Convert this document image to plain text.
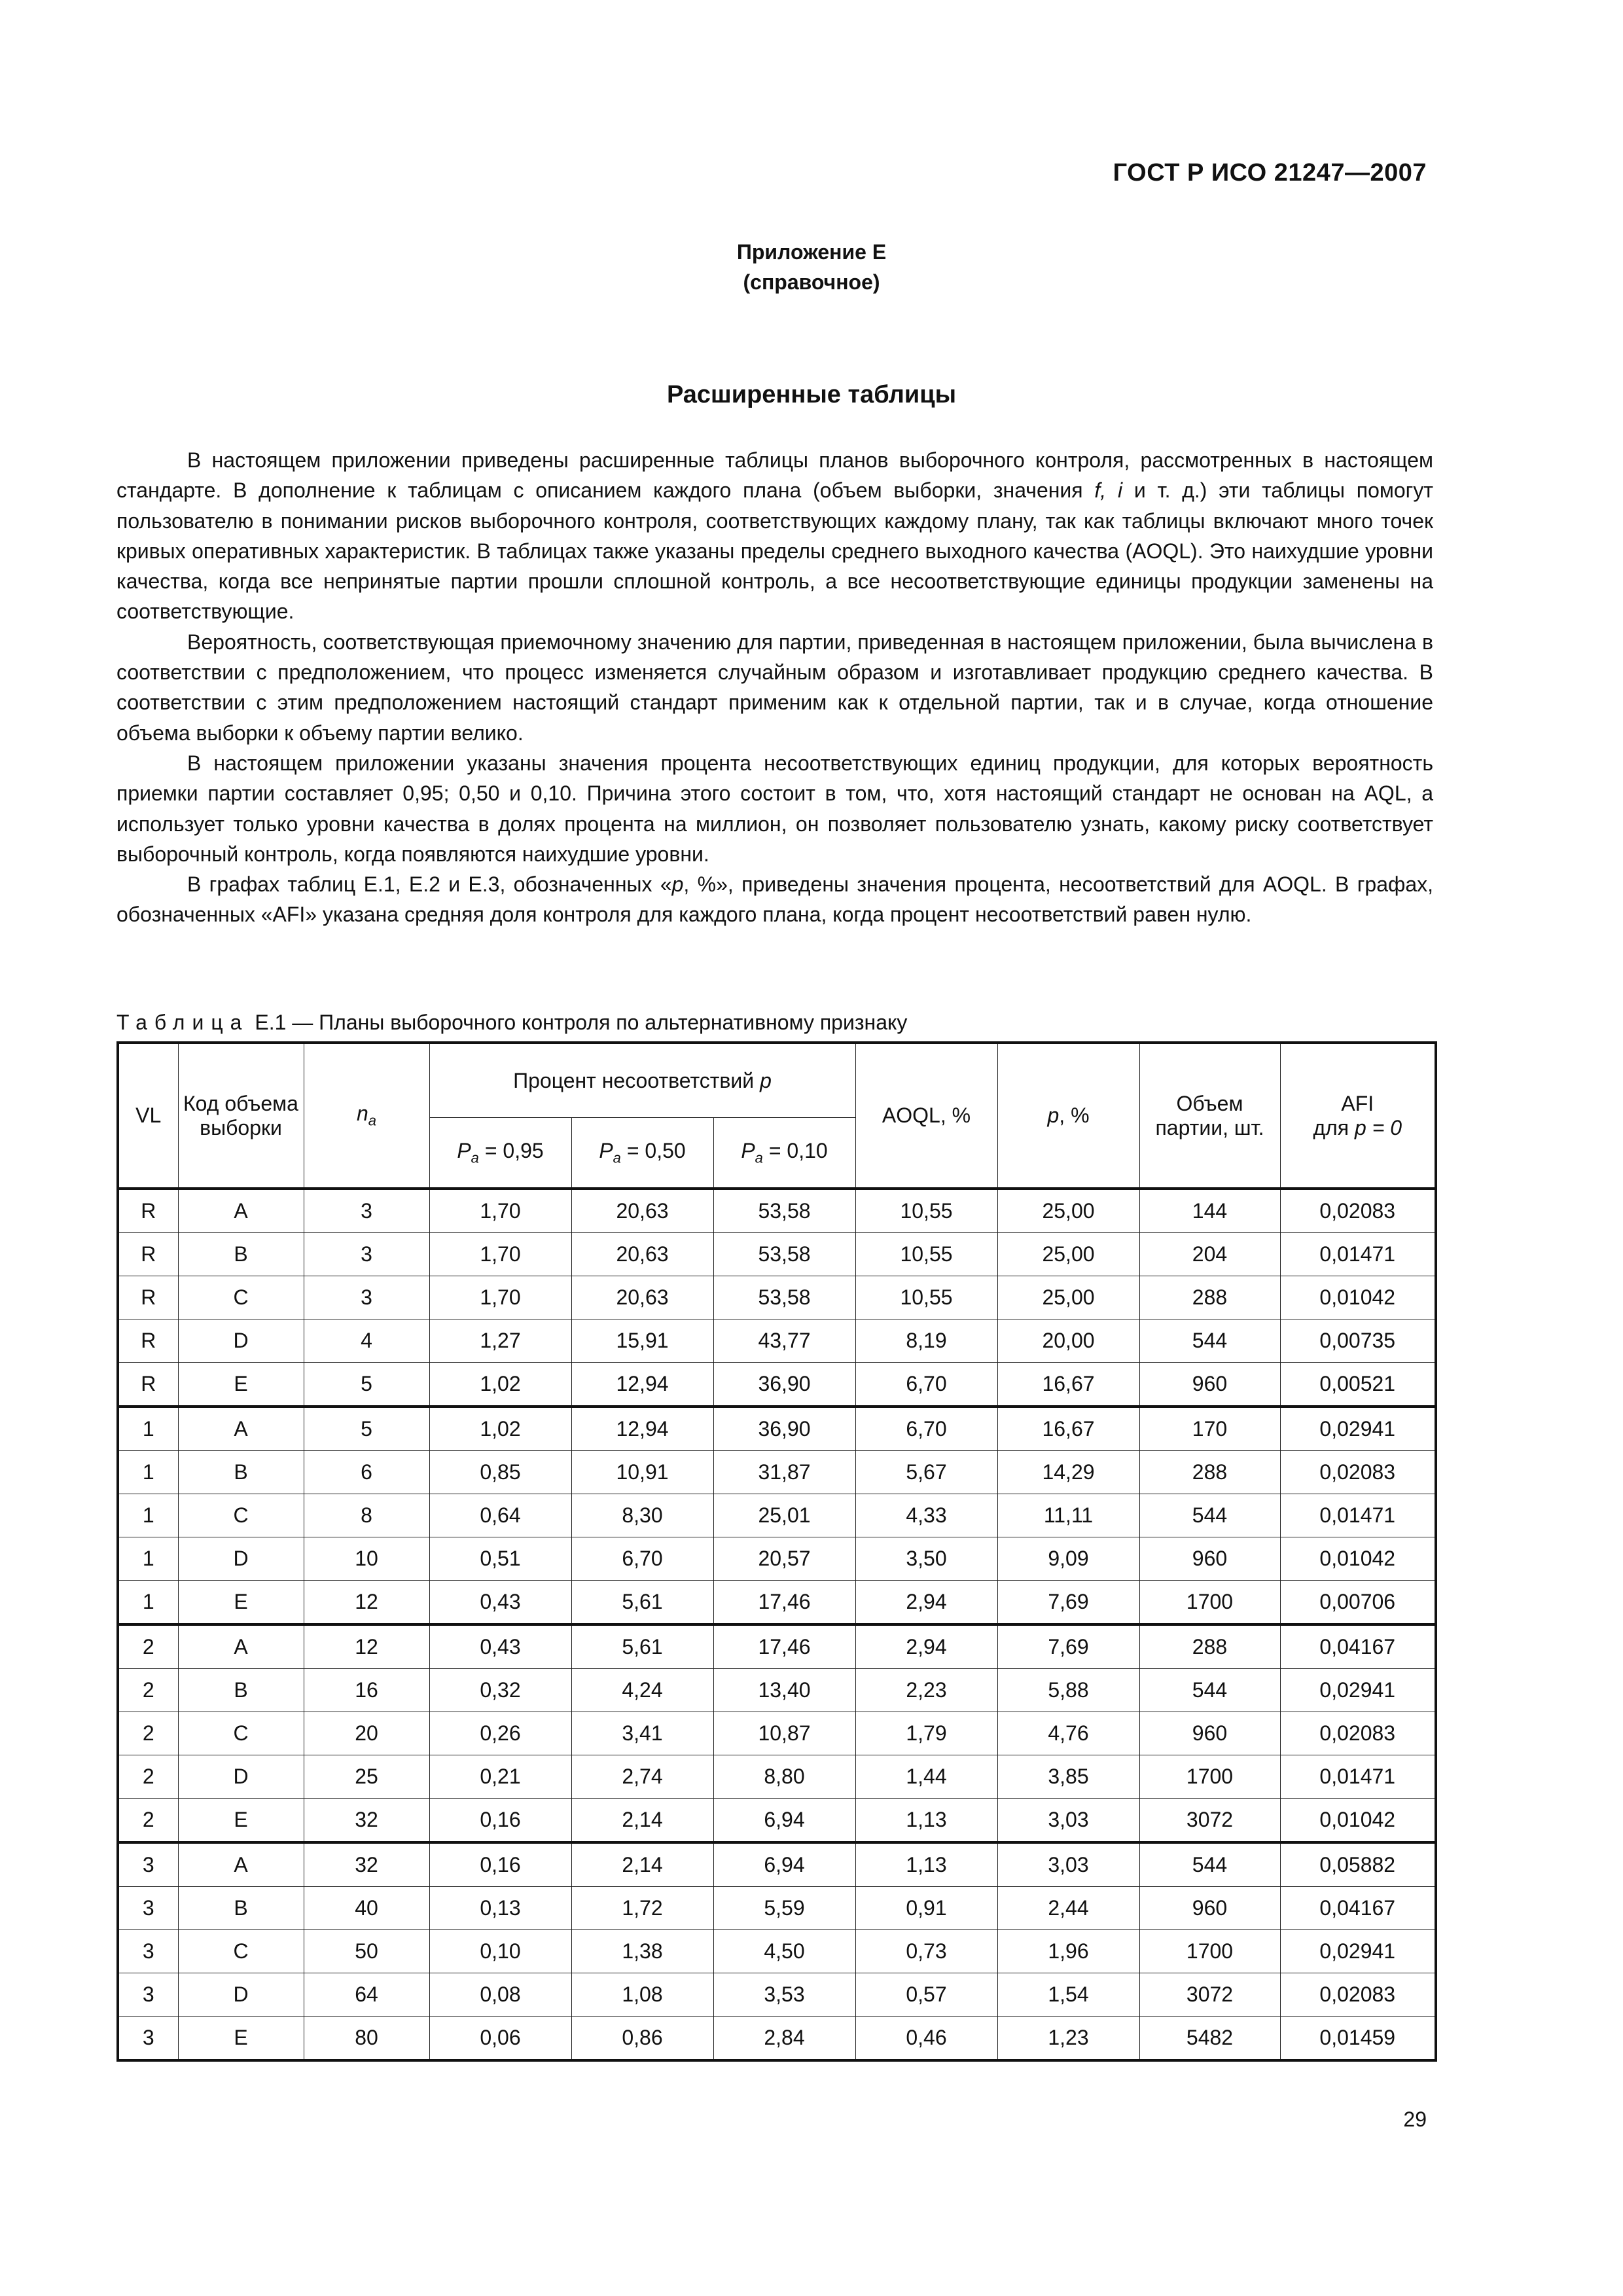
ГОСТ Р ИСО 21247—2007
Приложение Е
(справочное)
Расширенные таблицы

В настоящем приложении приведены расширенные таблицы планов выборочного контроля, рассмотренных в настоящем стандарте. В дополнение к таблицам с описанием каждого плана (объем выборки, значения f, i и т. д.) эти таблицы помогут пользователю в понимании рисков выборочного контроля, соответствующих каждому плану, так как таблицы включают много точек кривых оперативных характеристик. В таблицах также указаны пределы среднего выходного качества (AOQL). Это наихудшие уровни качества, когда все непринятые партии прошли сплошной контроль, а все несоответствующие единицы продукции заменены на соответствующие.

Вероятность, соответствующая приемочному значению для партии, приведенная в настоящем приложении, была вычислена в соответствии с предположением, что процесс изменяется случайным образом и изготавливает продукцию среднего качества. В соответствии с этим предположением настоящий стандарт применим как к отдельной партии, так и в случае, когда отношение объема выборки к объему партии велико.

В настоящем приложении указаны значения процента несоответствующих единиц продукции, для которых вероятность приемки партии составляет 0,95; 0,50 и 0,10. Причина этого состоит в том, что, хотя настоящий стандарт не основан на AQL, а использует только уровни качества в долях процента на миллион, он позволяет пользователю узнать, какому риску соответствует выборочный контроль, когда появляются наихудшие уровни.

В графах таблиц Е.1, Е.2 и Е.3, обозначенных «p, %», приведены значения процента, несоответствий для AOQL. В графах, обозначенных «AFI» указана средняя доля контроля для каждого плана, когда процент несоответствий равен нулю.

Таблица Е.1 — Планы выборочного контроля по альтернативному признаку
VL	Код объема выборки	$n_a$	Процент несоответствий p			AOQL, %	p, %	Объем партии, шт.	AFI
для p = 0

			$P_a = 0,95$	$P_a = 0,50$	$P_a = 0,10$				
R	A	3	1,70	20,63	53,58	10,55	25,00	144	0,02083
R	B	3	1,70	20,63	53,58	10,55	25,00	204	0,01471
R	C	3	1,70	20,63	53,58	10,55	25,00	288	0,01042
R	D	4	1,27	15,91	43,77	8,19	20,00	544	0,00735
R	E	5	1,02	12,94	36,90	6,70	16,67	960	0,00521
1	A	5	1,02	12,94	36,90	6,70	16,67	170	0,02941
1	B	6	0,85	10,91	31,87	5,67	14,29	288	0,02083
1	C	8	0,64	8,30	25,01	4,33	11,11	544	0,01471
1	D	10	0,51	6,70	20,57	3,50	9,09	960	0,01042
1	E	12	0,43	5,61	17,46	2,94	7,69	1700	0,00706
2	A	12	0,43	5,61	17,46	2,94	7,69	288	0,04167
2	B	16	0,32	4,24	13,40	2,23	5,88	544	0,02941
2	C	20	0,26	3,41	10,87	1,79	4,76	960	0,02083
2	D	25	0,21	2,74	8,80	1,44	3,85	1700	0,01471
2	E	32	0,16	2,14	6,94	1,13	3,03	3072	0,01042
3	A	32	0,16	2,14	6,94	1,13	3,03	544	0,05882
3	B	40	0,13	1,72	5,59	0,91	2,44	960	0,04167
3	C	50	0,10	1,38	4,50	0,73	1,96	1700	0,02941
3	D	64	0,08	1,08	3,53	0,57	1,54	3072	0,02083
3	E	80	0,06	0,86	2,84	0,46	1,23	5482	0,01459
29
